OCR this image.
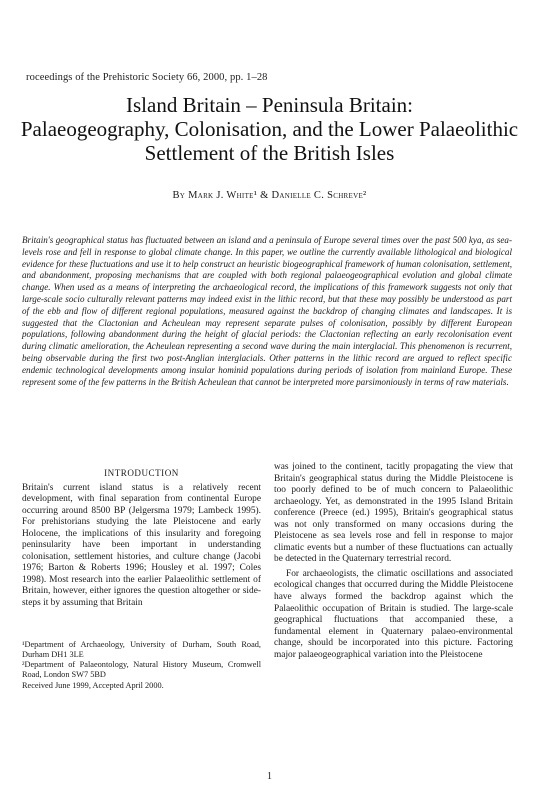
roceedings of the Prehistoric Society 66, 2000, pp. 1–28
Island Britain – Peninsula Britain:
Palaeogeography, Colonisation, and the Lower Palaeolithic
Settlement of the British Isles
By Mark J. White¹ & Danielle C. Schreve²
Britain's geographical status has fluctuated between an island and a peninsula of Europe several times over the past 500 kya, as sea-levels rose and fell in response to global climate change. In this paper, we outline the currently available lithological and biological evidence for these fluctuations and use it to help construct an heuristic biogeographical framework of human colonisation, settlement, and abandonment, proposing mechanisms that are coupled with both regional palaeogeographical evolution and global climate change. When used as a means of interpreting the archaeological record, the implications of this framework suggests not only that large-scale socio culturally relevant patterns may indeed exist in the lithic record, but that these may possibly be understood as part of the ebb and flow of different regional populations, measured against the backdrop of changing climates and landscapes. It is suggested that the Clactonian and Acheulean may represent separate pulses of colonisation, possibly by different European populations, following abandonment during the height of glacial periods: the Clactonian reflecting an early recolonisation event during climatic amelioration, the Acheulean representing a second wave during the main interglacial. This phenomenon is recurrent, being observable during the first two post-Anglian interglacials. Other patterns in the lithic record are argued to reflect specific endemic technological developments among insular hominid populations during periods of isolation from mainland Europe. These represent some of the few patterns in the British Acheulean that cannot be interpreted more parsimoniously in terms of raw materials.
INTRODUCTION

Britain's current island status is a relatively recent development, with final separation from continental Europe occurring around 8500 BP (Jelgersma 1979; Lambeck 1995). For prehistorians studying the late Pleistocene and early Holocene, the implications of this insularity and foregoing peninsularity have been important in understanding colonisation, settlement histories, and culture change (Jacobi 1976; Barton & Roberts 1996; Housley et al. 1997; Coles 1998). Most research into the earlier Palaeolithic settlement of Britain, however, either ignores the question altogether or side-steps it by assuming that Britain

¹Department of Archaeology, University of Durham, South Road, Durham DH1 3LE
²Department of Palaeontology, Natural History Museum, Cromwell Road, London SW7 5BD
Received June 1999, Accepted April 2000.

was joined to the continent, tacitly propagating the view that Britain's geographical status during the Middle Pleistocene is too poorly defined to be of much concern to Palaeolithic archaeology. Yet, as demonstrated in the 1995 Island Britain conference (Preece (ed.) 1995), Britain's geographical status was not only transformed on many occasions during the Pleistocene as sea levels rose and fell in response to major climatic events but a number of these fluctuations can actually be detected in the Quaternary terrestrial record.

For archaeologists, the climatic oscillations and associated ecological changes that occurred during the Middle Pleistocene have always formed the backdrop against which the Palaeolithic occupation of Britain is studied. The large-scale geographical fluctuations that accompanied these, a fundamental element in Quaternary palaeo-environmental change, should be incorporated into this picture. Factoring major palaeogeographical variation into the Pleistocene

1
